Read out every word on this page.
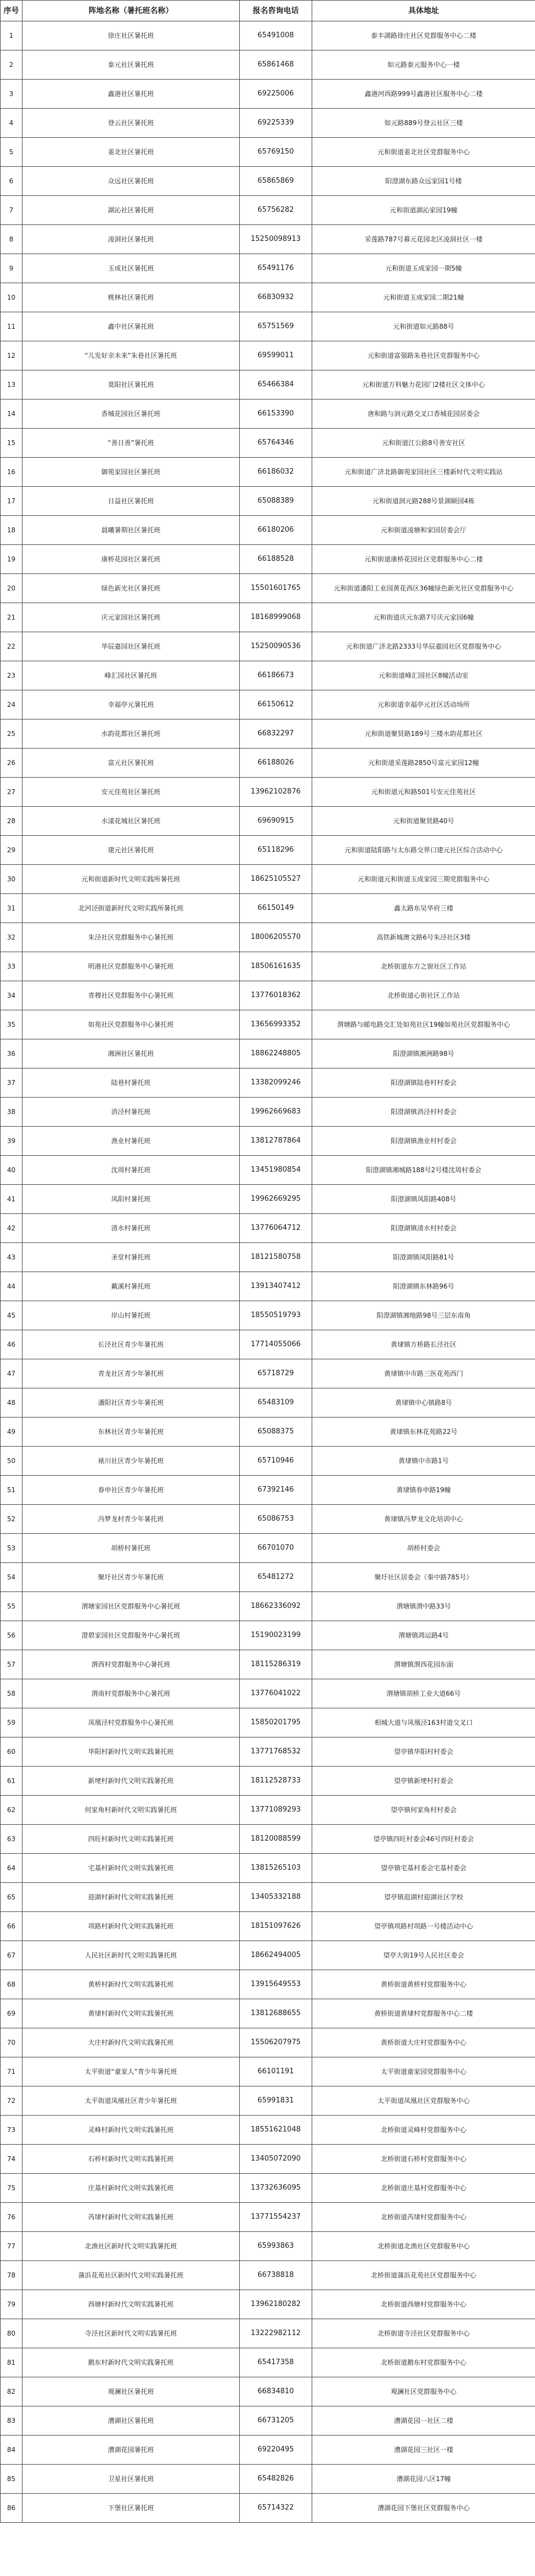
序号	阵地名称（暑托班名称）	报名咨询电话	具体地址
1	徐庄社区暑托班	65491008	泰丰湖路徐庄社区党群服务中心二楼
2	泰元社区暑托班	65861468	如元路泰元服务中心一楼
3	鑫港社区暑托班	69225006	鑫港河西路999号鑫港社区服务中心二楼
4	登云社区暑托班	69225339	如元路889号登云社区三楼
5	姜北社区暑托班	65769150	元和街道姜北社区党群服务中心
6	众远社区暑托班	65865869	阳澄湖东路众远家园1号楼
7	湖沁社区暑托班	65756282	元和街道湖沁家园19幢
8	凌洞社区暑托班	15250098913	采莲路787号幕元花园北区凌洞社区一楼
9	玉成社区暑托班	65491176	元和街道玉成家园一期5幢
10	桃林社区暑托班	66830932	元和街道玉成家园二期21幢
11	鑫中社区暑托班	65751569	元和街道如元路88号
12	“儿发好亲未来”朱巷社区暑托班	69599011	元和街道富强路朱巷社区党群服务中心
13	莫阳社区暑托班	65466384	元和街道万科魅力花园门2楼社区文体中心
14	香城花园社区暑托班	66153390	唐和路与润元路交叉口香城花园居委会
15	“善日善”暑托班	65764346	元和街道江公路8号善安社区
16	御苑家园社区暑托班	66186032	元和街道广济北路御苑家园社区三楼新时代文明实践站
17	日益社区暑托班	65088389	元和街道润元路288号景湖颐园4栋
18	晨曦暑期社区暑托班	66180206	元和街道凌塘和家园居委会厅
19	康桥花园社区暑托班	66188528	元和街道康桥花园社区党群服务中心二楼
20	绿色新光社区暑托班	15501601765	元和街道潘阳工业园黄花西区36幢绿色新光社区党群服务中心
21	庆元家园社区暑托班	18168999068	元和街道庆元东路7号庆元家园6幢
22	华辰嘉园社区暑托班	15250090536	元和街道广济北路2333号华辰嘉园社区党群服务中心
23	峰汇园社区暑托班	66186673	元和街道峰汇园社区8幢活动室
24	幸福亭元暑托班	66150612	元和街道幸福亭元社区活动场所
25	水韵花都社区暑托班	66832297	元和街道聚贤路189号三楼水韵花都社区
26	富元社区暑托班	66188026	元和街道采莲路2850号富元家园12幢
27	安元佳苑社区暑托班	13962102876	元和街道元和路501号安元佳苑社区
28	水漾花城社区暑托班	69690915	元和街道聚贤路40号
29	建元社区暑托班	65118296	元和街道陆阳路与太东路交界口建元社区综合活动中心
30	元和街道新时代文明实践所暑托班	18625105527	元和街道元和街道玉成家园三期党群服务中心
31	北河泾街道新时代文明实践所暑托班	66150149	鑫太路东吴华府三楼
32	朱泾社区党群服务中心暑托班	18006205570	高铁新城澳文路6号朱泾社区3楼
33	明港社区党群服务中心暑托班	18506161635	北桥街道东方之窗社区工作站
34	青穆社区党群服务中心暑托班	13776018362	北桥街道心街社区工作站
35	如苑社区党群服务中心暑托班	13656993352	渭塘路与邮电路交汇处如苑社区19幢如苑社区党群服务中心
36	湘洲社区暑托班	18862248805	阳澄湖镇湘洲路98号
37	陆巷村暑托班	13382099246	阳澄湖镇陆巷村村委会
38	消泾村暑托班	19962669683	阳澄湖镇消泾村村委会
39	渔业村暑托班	13812787864	阳澄湖镇渔业村村委会
40	沈周村暑托班	13451980854	阳澄湖镇湘城路188号2号楼沈周村委会
41	凤阳村暑托班	19962669295	阳澄湖镇凤阳路408号
42	清水村暑托班	13776064712	阳澄湖镇清水村村委会
43	圣堂村暑托班	18121580758	阳澄湖镇凤阳路81号
44	戴溪村暑托班	13913407412	阳澄湖镇东林路96号
45	岸山村暑托班	18550519793	阳澄湖镇湘地路98号三层东南角
46	长泾社区青少年暑托班	17714055066	黄埭镇方桥路长泾社区
47	青龙社区青少年暑托班	65718729	黄埭镇中市路三医花苑西门
48	潘阳社区青少年暑托班	65483109	黄埭镇中心镇路8号
49	东林社区青少年暑托班	65088375	黄埭镇东林花苑路22号
50	裱川社区青少年暑托班	65710946	黄埭镇中市路1号
51	春申社区青少年暑托班	67392146	黄埭镇春申路19幢
52	冯梦龙村青少年暑托班	65086753	黄埭镇冯梦龙文化培训中心
53	胡桥村暑托班	66701070	胡桥村委会
54	聚圩社区青少年暑托班	65481272	聚圩社区居委会（秦中路785号）
55	渭塘家园社区党群服务中心暑托班	18662336092	渭塘镇渭中路33号
56	澄碧家园社区党群服务中心暑托班	15190023199	渭塘镇鸿运路4号
57	渭西村党群服务中心暑托班	18115286319	渭塘镇渭西花园东面
58	渭南村党群服务中心暑托班	13776041022	渭塘镇胡桥工业大道66号
59	凤凰泾村党群服务中心暑托班	15850201795	相城大道与凤凰泾163村道交叉口
60	华阳村新时代文明实践暑托班	13771768532	望亭镇华阳村村委会
61	新埂村新时代文明实践暑托班	18112528733	望亭镇新埂村村委会
62	何家角村新时代文明实践暑托班	13771089293	望亭镇何家角村村委会
63	四旺村新时代文明实践暑托班	18120088599	望亭镇四旺村委会46号四旺村委会
64	宅基村新时代文明实践暑托班	13815265103	望亭镇宅基村委会宅基村委会
65	迎湖村新时代文明实践暑托班	13405332188	望亭镇迎湖村迎湖社区学校
66	项路村新时代文明实践暑托班	18151097626	望亭镇项路村项路一号楼活动中心
67	人民社区新时代文明实践暑托班	18662494005	望亭大街19号人民社区委会
68	黄桥村新时代文明实践暑托班	13915649553	黄桥街道黄桥村党群服务中心
69	黄埭村新时代文明实践暑托班	13812688655	黄桥街道黄埭村党群服务中心二楼
70	大庄村新时代文明实践暑托班	15506207975	黄桥街道大庄村党群服务中心
71	太平街道“童家人”青少年暑托班	66101191	太平街道童家园党群服务中心
72	太平街道凤凰社区青少年暑托班	65991831	太平街道凤凰社区党群服务中心
73	灵峰村新时代文明实践暑托班	18551621048	北桥街道灵峰村党群服务中心
74	石桥村新时代文明实践暑托班	13405072090	北桥街道石桥村党群服务中心
75	庄基村新时代文明实践暑托班	13732636095	北桥街道庄基村党群服务中心
76	芮埭村新时代文明实践暑托班	13771554237	北桥街道芮埭村党群服务中心
77	北渔社区新时代文明实践暑托班	65993863	北桥街道北渔社区党群服务中心
78	蒲浜花苑社区新时代文明实践暑托班	66738818	北桥街道蒲浜花苑社区党群服务中心
79	西塘村新时代文明实践暑托班	13962180282	北桥街道西塘村党群服务中心
80	寺泾社区新时代文明实践暑托班	13222982112	北桥街道寺泾社区党群服务中心
81	鹅东村新时代文明实践暑托班	65417358	北桥街道鹅东村党群服务中心
82	观澜社区暑托班	66834810	观澜社区党群服务中心
83	漕湖社区暑托班	66731205	漕湖花园一社区二楼
84	漕湖花园暑托班	69220495	漕湖花园三社区一楼
85	卫星社区暑托班	65482826	漕湖花园八区17幢
86	下堡社区暑托班	65714322	漕湖花园下堡社区党群服务中心
